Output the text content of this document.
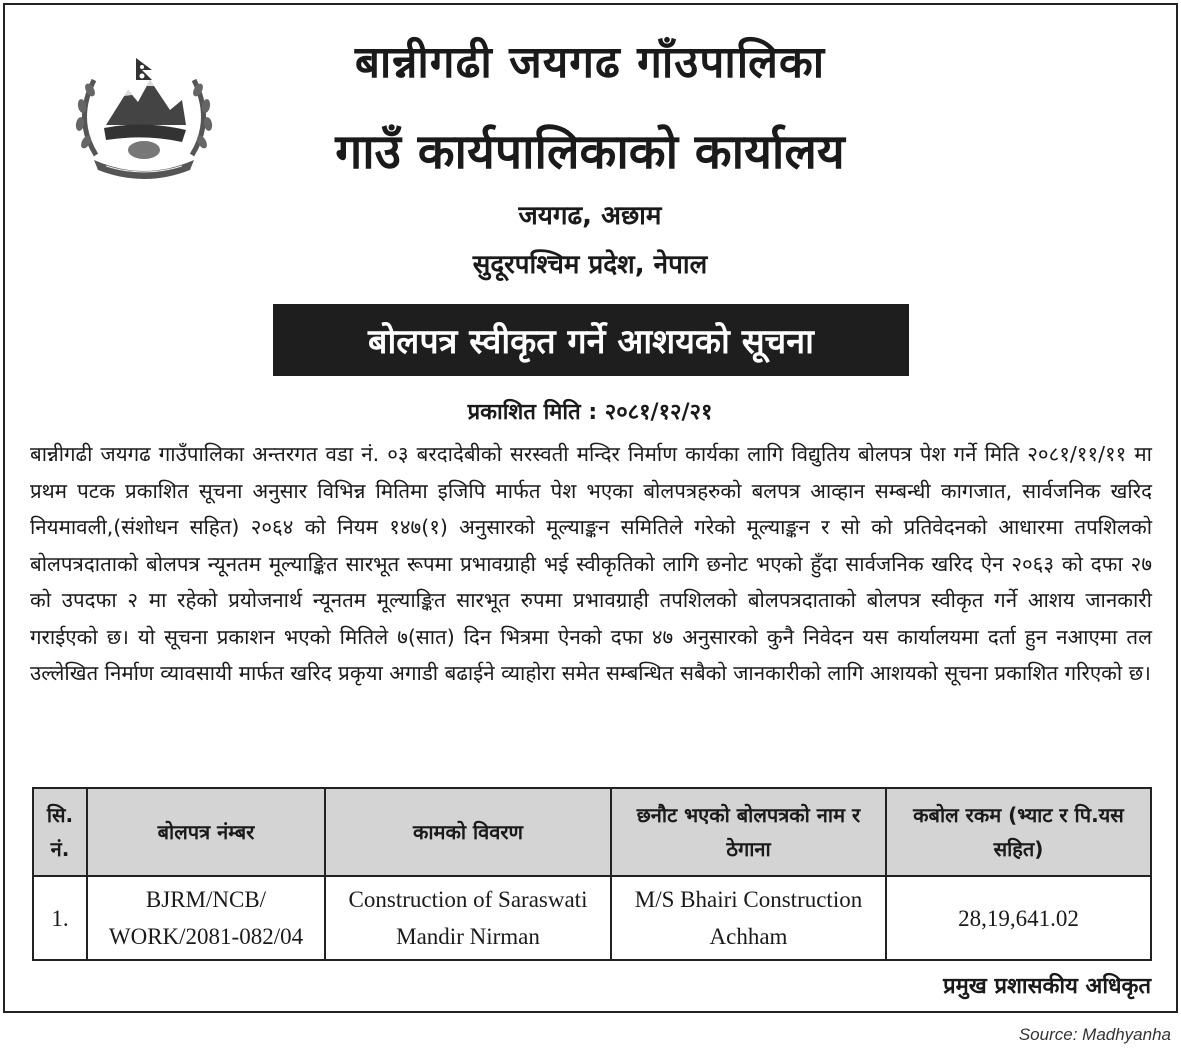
बान्नीगढी जयगढ गाँउपालिका
गाउँ कार्यपालिकाको कार्यालय
जयगढ, अछाम
सुदूरपश्चिम प्रदेश, नेपाल
बोलपत्र स्वीकृत गर्ने आशयको सूचना
प्रकाशित मिति : २०८१/१२/२१
बान्नीगढी जयगढ गाउँपालिका अन्तरगत वडा नं. ०३ बरदादेबीको सरस्वती मन्दिर निर्माण कार्यका लागि विद्युतिय बोलपत्र पेश गर्ने मिति २०८१/११/११ मा प्रथम पटक प्रकाशित सूचना अनुसार विभिन्न मितिमा इजिपि मार्फत पेश भएका बोलपत्रहरुको बलपत्र आव्हान सम्बन्धी कागजात, सार्वजनिक खरिद नियमावली,(संशोधन सहित) २०६४ को नियम १४७(१) अनुसारको मूल्याङ्कन समितिले गरेको मूल्याङ्कन र सो को प्रतिवेदनको आधारमा तपशिलको बोलपत्रदाताको बोलपत्र न्यूनतम मूल्याङ्कित सारभूत रूपमा प्रभावग्राही भई स्वीकृतिको लागि छनोट भएको हुँदा सार्वजनिक खरिद ऐन २०६३ को दफा २७ को उपदफा २ मा रहेको प्रयोजनार्थ न्यूनतम मूल्याङ्कित सारभूत रुपमा प्रभावग्राही तपशिलको बोलपत्रदाताको बोलपत्र स्वीकृत गर्ने आशय जानकारी गराईएको छ। यो सूचना प्रकाशन भएको मितिले ७(सात) दिन भित्रमा ऐनको दफा ४७ अनुसारको कुनै निवेदन यस कार्यालयमा दर्ता हुन नआएमा तल उल्लेखित निर्माण व्यावसायी मार्फत खरिद प्रकृया अगाडी बढाईने व्याहोरा समेत सम्बन्धित सबैको जानकारीको लागि आशयको सूचना प्रकाशित गरिएको छ।
सि. नं.	बोलपत्र नंम्बर	कामको विवरण	छनौट भएको बोलपत्रको नाम र ठेगाना	कबोल रकम (भ्याट र पि.यस सहित)
1.	BJRM/NCB/ WORK/2081-082/04	Construction of Saraswati Mandir Nirman	M/S Bhairi Construction Achham	28,19,641.02
प्रमुख प्रशासकीय अधिकृत
Source: Madhyanha
